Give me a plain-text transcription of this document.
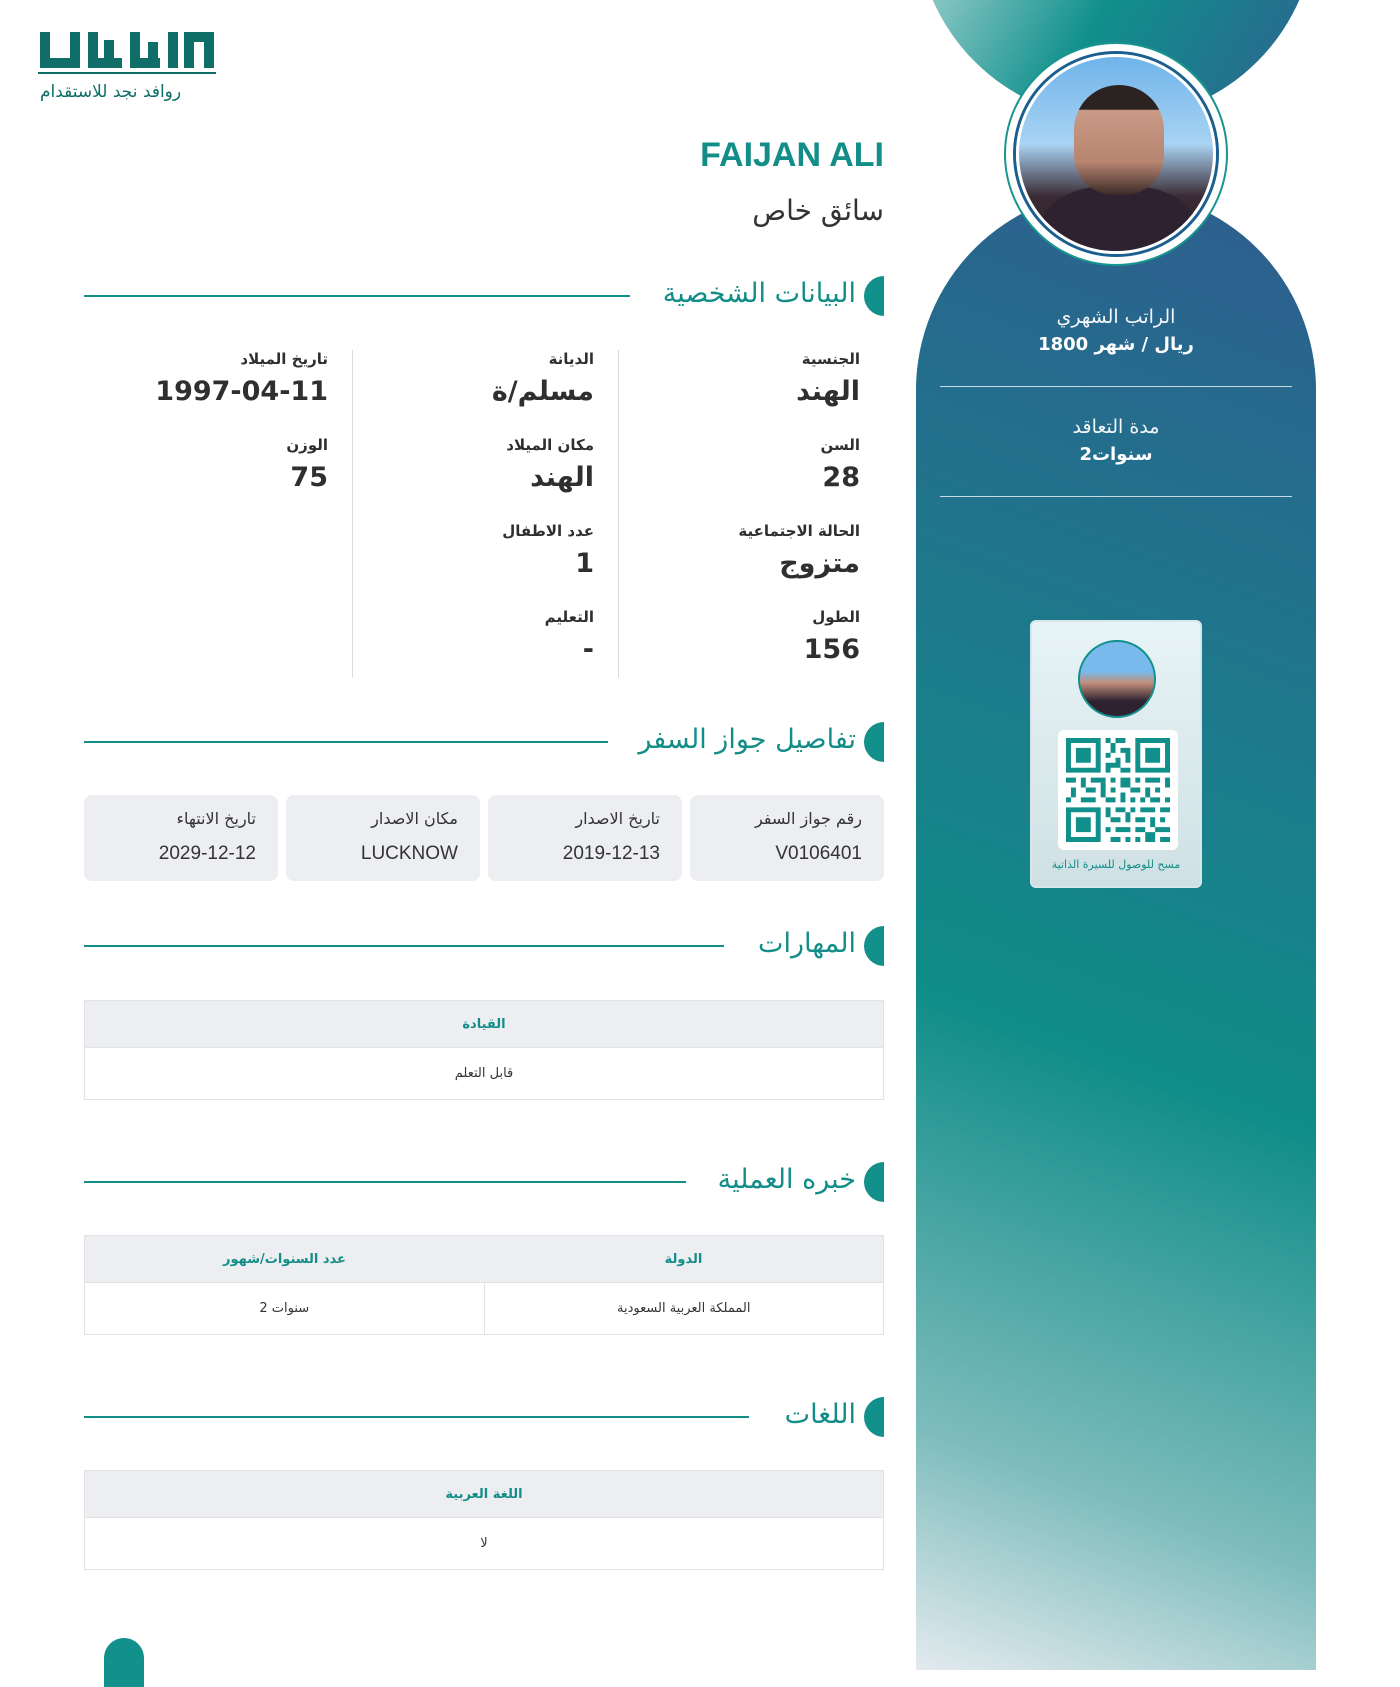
الراتب الشهري
1800 ريال / شهر
مدة التعاقد
2سنوات
مسح للوصول للسيرة الذاتية
روافد نجد للاستقدام
FAIJAN ALI
سائق خاص
البيانات الشخصية
الجنسية
الهند
السن
28
الحالة الاجتماعية
متزوج
الطول
156
الديانة
مسلم/ة
مكان الميلاد
الهند
عدد الاطفال
1
التعليم
-
تاريخ الميلاد
1997-04-11
الوزن
75
تفاصيل جواز السفر
رقم جواز السفر
V0106401
تاريخ الاصدار
2019-12-13
مكان الاصدار
LUCKNOW
تاريخ الانتهاء
2029-12-12
المهارات
القيادة
قابل التعلم
خبره العملية
عدد السنوات/شهور	الدولة
2 سنوات	المملكة العربية السعودية
اللغات
اللغة العربية
لا
